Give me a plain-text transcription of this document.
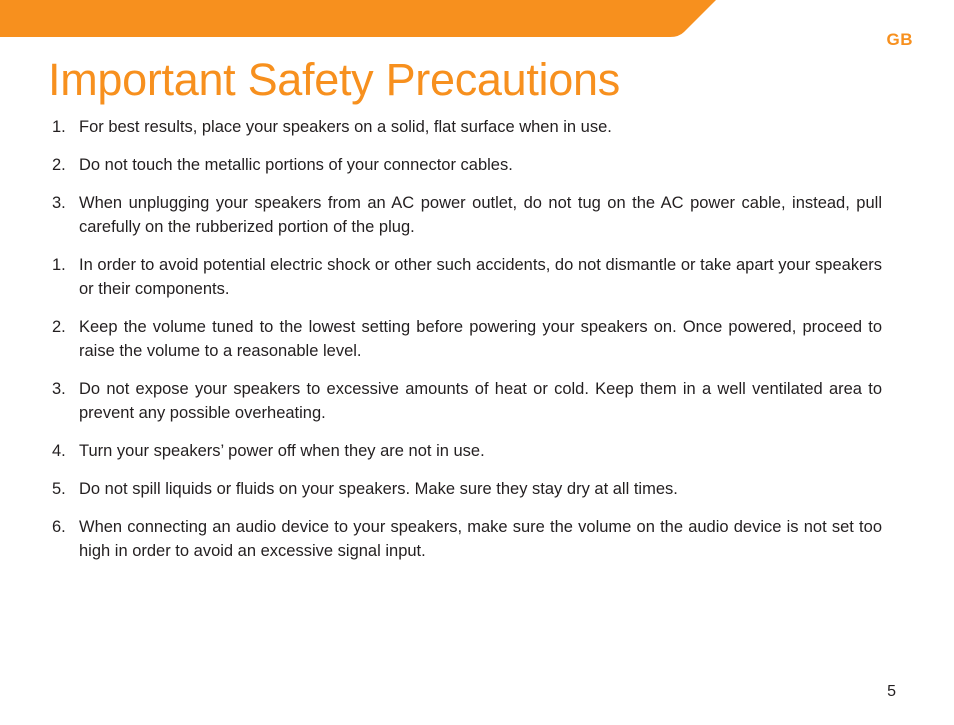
GB
Important Safety Precautions
1. For best results, place your speakers on a solid, flat surface when in use.
2. Do not touch the metallic portions of your connector cables.
3. When unplugging your speakers from an AC power outlet, do not tug on the AC power cable, instead, pull carefully on the rubberized portion of the plug.
1. In order to avoid potential electric shock or other such accidents, do not dismantle or take apart your speakers or their components.
2. Keep the volume tuned to the lowest setting before powering your speakers on. Once powered, proceed to raise the volume to a reasonable level.
3. Do not expose your speakers to excessive amounts of heat or cold. Keep them in a well ventilated area to prevent any possible overheating.
4. Turn your speakers’ power off when they are not in use.
5. Do not spill liquids or fluids on your speakers. Make sure they stay dry at all times.
6. When connecting an audio device to your speakers, make sure the volume on the audio device is not set too high in order to avoid an excessive signal input.
5
